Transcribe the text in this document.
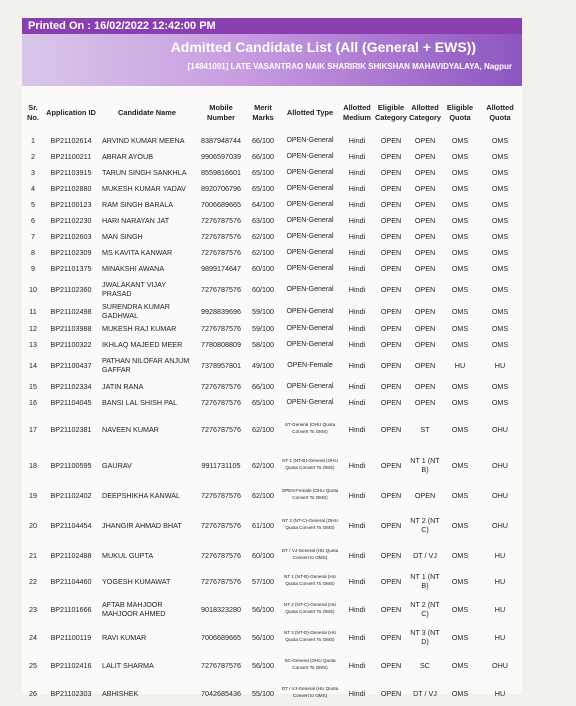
Printed On : 16/02/2022 12:42:00 PM
Admitted Candidate List (All (General + EWS))
[14841001] LATE VASANTRAO NAIK SHARIRIK SHIKSHAN MAHAVIDYALAYA, Nagpur
Sr. No.	Application ID	Candidate Name	Mobile Number	Merit Marks	Allotted Type	Allotted Medium	Eligible Category	Allotted Category	Eligible Quota	Allotted Quota
1	BP21102614	ARVIND KUMAR MEENA	8387948744	66/100	OPEN-General	Hindi	OPEN	OPEN	OMS	OMS
2	BP21100211	ABRAR AYOUB	9906597039	66/100	OPEN-General	Hindi	OPEN	OPEN	OMS	OMS
3	BP21103915	TARUN SINGH SANKHLA	8559816601	65/100	OPEN-General	Hindi	OPEN	OPEN	OMS	OMS
4	BP21102880	MUKESH KUMAR YADAV	8920706796	65/100	OPEN-General	Hindi	OPEN	OPEN	OMS	OMS
5	BP21100123	RAM SINGH BARALA	7006689665	64/100	OPEN-General	Hindi	OPEN	OPEN	OMS	OMS
6	BP21102230	HARI NARAYAN JAT	7276787576	63/100	OPEN-General	Hindi	OPEN	OPEN	OMS	OMS
7	BP21102603	MAN SINGH	7276787576	62/100	OPEN-General	Hindi	OPEN	OPEN	OMS	OMS
8	BP21102309	MS KAVITA KANWAR	7276787576	62/100	OPEN-General	Hindi	OPEN	OPEN	OMS	OMS
9	BP21101375	MINAKSHI AWANA	9899174647	60/100	OPEN-General	Hindi	OPEN	OPEN	OMS	OMS
10	BP21102360	JWALAKANT VIJAY PRASAD	7276787576	60/100	OPEN-General	Hindi	OPEN	OPEN	OMS	OMS
11	BP21102498	SURENDRA KUMAR GADHWAL	9928839696	59/100	OPEN-General	Hindi	OPEN	OPEN	OMS	OMS
12	BP21103988	MUKESH RAJ KUMAR	7276787576	59/100	OPEN-General	Hindi	OPEN	OPEN	OMS	OMS
13	BP21100322	IKHLAQ MAJEED MEER	7780808809	58/100	OPEN-General	Hindi	OPEN	OPEN	OMS	OMS
14	BP21100437	PATHAN NILOFAR ANJUM GAFFAR	7378957801	49/100	OPEN-Female	Hindi	OPEN	OPEN	HU	HU
15	BP21102334	JATIN RANA	7276787576	66/100	OPEN-General	Hindi	OPEN	OPEN	OMS	OMS
16	BP21104045	BANSI LAL SHISH PAL	7276787576	65/100	OPEN-General	Hindi	OPEN	OPEN	OMS	OMS
17	BP21102381	NAVEEN KUMAR	7276787576	62/100	ST-General (OHU Quota Convert To OMS)	Hindi	OPEN	ST	OMS	OHU
18	BP21100595	GAURAV	9911731105	62/100	NT 1 (NT-B)-General (OHU Quota Convert To OMS)	Hindi	OPEN	NT 1 (NT B)	OMS	OHU
19	BP21102402	DEEPSHIKHA KANWAL	7276787576	62/100	OPEN-Female (OHU Quota Convert To OMS)	Hindi	OPEN	OPEN	OMS	OHU
20	BP21104454	JHANGIR AHMAD BHAT	7276787576	61/100	NT 2 (NT-C)-General (OHU Quota Convert To OMS)	Hindi	OPEN	NT 2 (NT C)	OMS	OHU
21	BP21102488	MUKUL GUPTA	7276787576	60/100	DT / VJ-General (HU Quota Convert to OMS)	Hindi	OPEN	DT / VJ	OMS	HU
22	BP21104460	YOGESH KUMAWAT	7276787576	57/100	NT 1 (NT-B)-General (HU Quota Convert To OMS)	Hindi	OPEN	NT 1 (NT B)	OMS	HU
23	BP21101666	AFTAB MAHJOOR MAHJOOR AHMED	9018323280	56/100	NT 2 (NT-C)-General (HU Quota Convert To OMS)	Hindi	OPEN	NT 2 (NT C)	OMS	HU
24	BP21100119	RAVI KUMAR	7006689665	56/100	NT 3 (NT-D)-General (HU Quota Convert To OMS)	Hindi	OPEN	NT 3 (NT D)	OMS	HU
25	BP21102416	LALIT SHARMA	7276787576	56/100	SC-General (OHU Quota Convert To OMS)	Hindi	OPEN	SC	OMS	OHU
26	BP21102303	ABHISHEK	7042685436	55/100	DT / VJ-General (HU Quota Convert to OMS)	Hindi	OPEN	DT / VJ	OMS	HU
